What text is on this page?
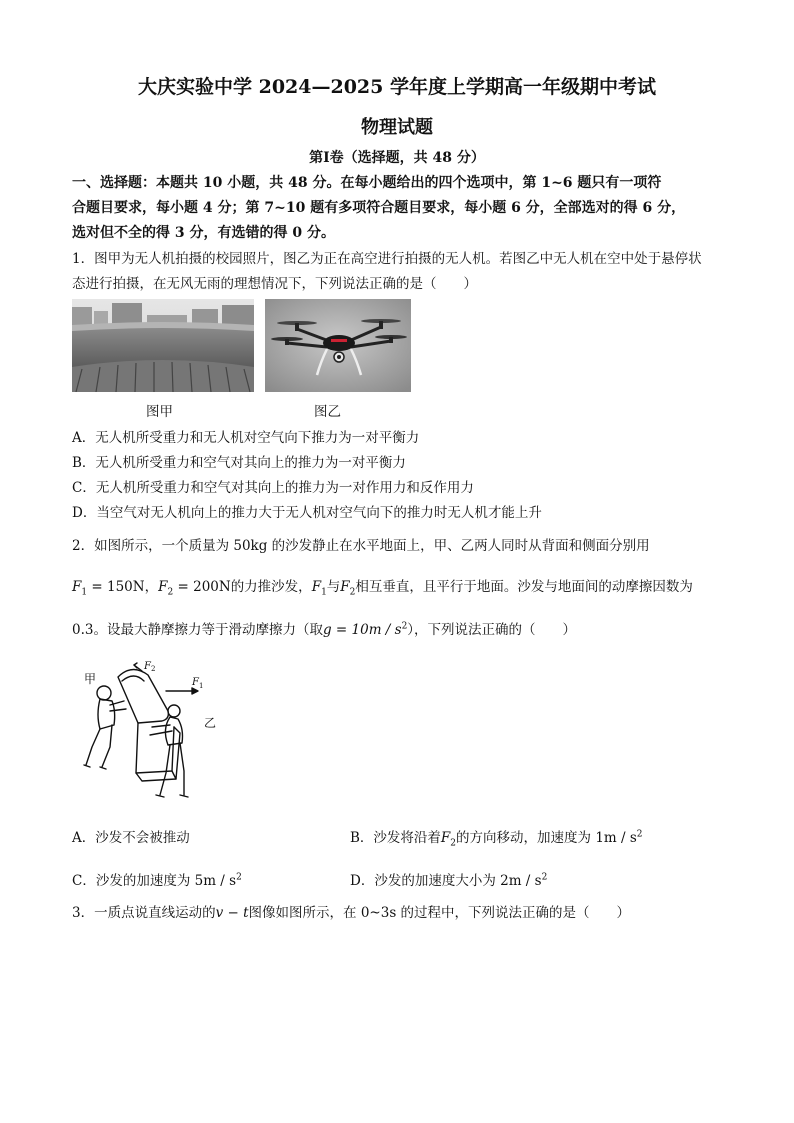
大庆实验中学 2024—2025 学年度上学期高一年级期中考试
物理试题
第Ⅰ卷（选择题，共 48 分）
一、选择题：本题共 10 小题，共 48 分。在每小题给出的四个选项中，第 1~6 题只有一项符
合题目要求，每小题 4 分；第 7~10 题有多项符合题目要求，每小题 6 分，全部选对的得 6 分，
选对但不全的得 3 分，有选错的得 0 分。
1．图甲为无人机拍摄的校园照片，图乙为正在高空进行拍摄的无人机。若图乙中无人机在空中处于悬停状
态进行拍摄，在无风无雨的理想情况下，下列说法正确的是（　　）
图甲	图乙
A．无人机所受重力和无人机对空气向下推力为一对平衡力
B．无人机所受重力和空气对其向上的推力为一对平衡力
C．无人机所受重力和空气对其向上的推力为一对作用力和反作用力
D．当空气对无人机向上的推力大于无人机对空气向下的推力时无人机才能上升
2．如图所示，一个质量为 50kg 的沙发静止在水平地面上，甲、乙两人同时从背面和侧面分别用
$F_1 = 150N$，$F_2 = 200N$的力推沙发，$F_1$与$F_2$相互垂直，且平行于地面。沙发与地面间的动摩擦因数为
0.3。设最大静摩擦力等于滑动摩擦力（取$g = 10m / s^2$），下列说法正确的（　　）
F 2
F 1
甲
乙
A．沙发不会被推动	B．沙发将沿着$F_2$的方向移动，加速度为 $1m / s^2$
C．沙发的加速度为 $5m / s^2$	D．沙发的加速度大小为 $2m / s^2$
3．一质点说直线运动的v − t图像如图所示，在 0~3s 的过程中，下列说法正确的是（　　）
